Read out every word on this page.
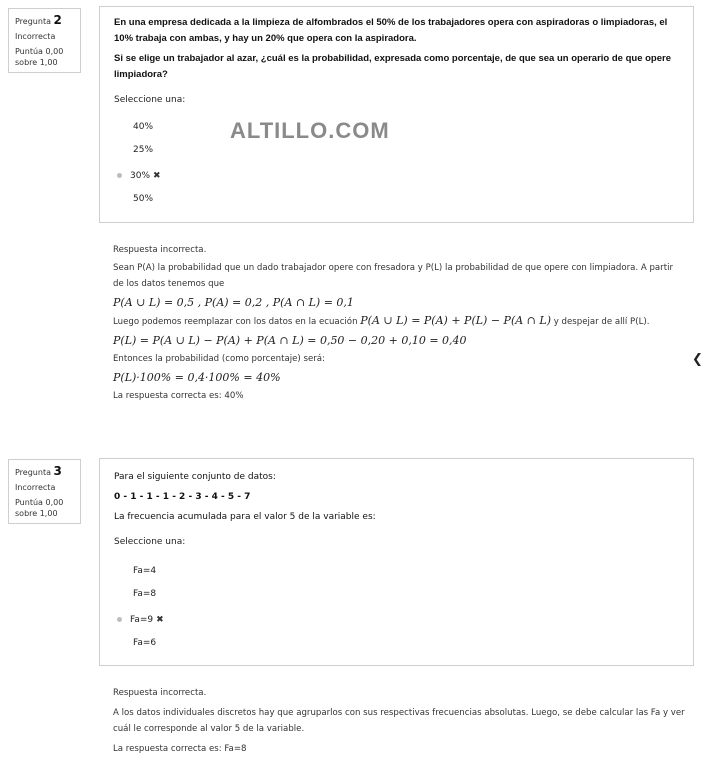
Pregunta 2
Incorrecta
Puntúa 0,00
sobre 1,00
En una empresa dedicada a la limpieza de alfombrados el 50% de los trabajadores opera con aspiradoras o limpiadoras, el 10% trabaja con ambas, y hay un 20% que opera con la aspiradora.
Si se elige un trabajador al azar, ¿cuál es la probabilidad, expresada como porcentaje, de que sea un operario de que opere limpiadora?
Seleccione una:
ALTILLO.COM
40%
25%
30% ✖
50%
Respuesta incorrecta.
Sean P(A) la probabilidad que un dado trabajador opere con fresadora y P(L) la probabilidad de que opere con limpiadora. A partir de los datos tenemos que
P(A ∪ L) = 0,5 , P(A) = 0,2 , P(A ∩ L) = 0,1
Luego podemos reemplazar con los datos en la ecuación P(A ∪ L) = P(A) + P(L) − P(A ∩ L) y despejar de allí P(L).
P(L) = P(A ∪ L) − P(A) + P(A ∩ L) = 0,50 − 0,20 + 0,10 = 0,40
Entonces la probabilidad (como porcentaje) será:
P(L)·100% = 0,4·100% = 40%
La respuesta correcta es: 40%
❮
Pregunta 3
Incorrecta
Puntúa 0,00
sobre 1,00
Para el siguiente conjunto de datos:
0 - 1 - 1 - 1 - 2 - 3 - 4 - 5 - 7
La frecuencia acumulada para el valor 5 de la variable es:
Seleccione una:
Fa=4
Fa=8
Fa=9 ✖
Fa=6
Respuesta incorrecta.
A los datos individuales discretos hay que agruparlos con sus respectivas frecuencias absolutas. Luego, se debe calcular las Fa y ver cuál le corresponde al valor 5 de la variable.
La respuesta correcta es: Fa=8
